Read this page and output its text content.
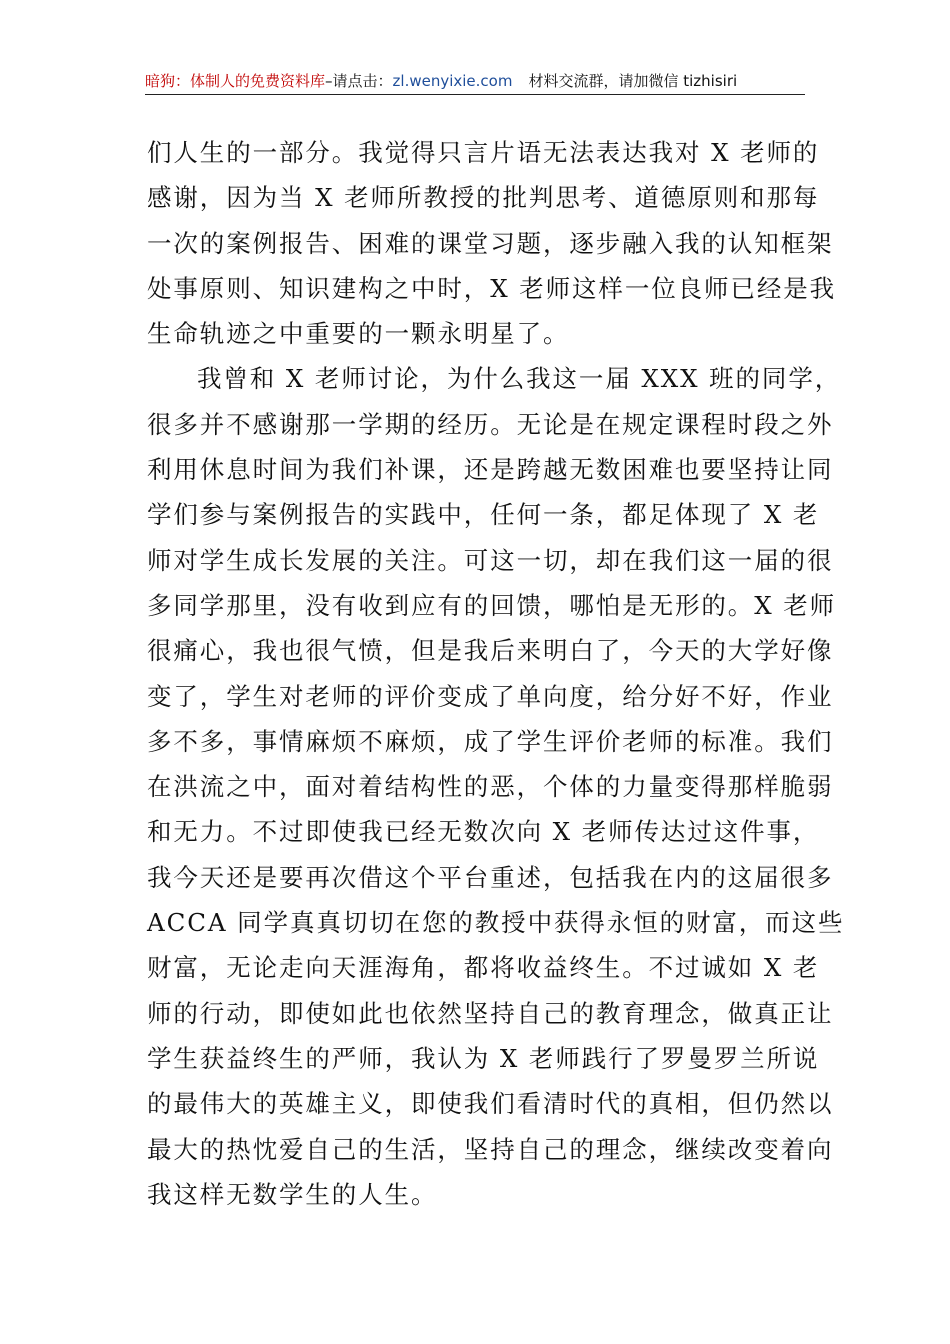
暗狗：体制人的免费资料库–请点击：zl.wenyixie.com 材料交流群，请加微信 tizhisiri
们人生的一部分。我觉得只言片语无法表达我对 X 老师的
感谢，因为当 X 老师所教授的批判思考、道德原则和那每
一次的案例报告、困难的课堂习题，逐步融入我的认知框架
处事原则、知识建构之中时，X 老师这样一位良师已经是我
生命轨迹之中重要的一颗永明星了。
我曾和 X 老师讨论，为什么我这一届 XXX 班的同学，
很多并不感谢那一学期的经历。无论是在规定课程时段之外
利用休息时间为我们补课，还是跨越无数困难也要坚持让同
学们参与案例报告的实践中，任何一条，都足体现了 X 老
师对学生成长发展的关注。可这一切，却在我们这一届的很
多同学那里，没有收到应有的回馈，哪怕是无形的。X 老师
很痛心，我也很气愤，但是我后来明白了，今天的大学好像
变了，学生对老师的评价变成了单向度，给分好不好，作业
多不多，事情麻烦不麻烦，成了学生评价老师的标准。我们
在洪流之中，面对着结构性的恶，个体的力量变得那样脆弱
和无力。不过即使我已经无数次向 X 老师传达过这件事，
我今天还是要再次借这个平台重述，包括我在内的这届很多
ACCA 同学真真切切在您的教授中获得永恒的财富，而这些
财富，无论走向天涯海角，都将收益终生。不过诚如 X 老
师的行动，即使如此也依然坚持自己的教育理念，做真正让
学生获益终生的严师，我认为 X 老师践行了罗曼罗兰所说
的最伟大的英雄主义，即使我们看清时代的真相，但仍然以
最大的热忱爱自己的生活，坚持自己的理念，继续改变着向
我这样无数学生的人生。
